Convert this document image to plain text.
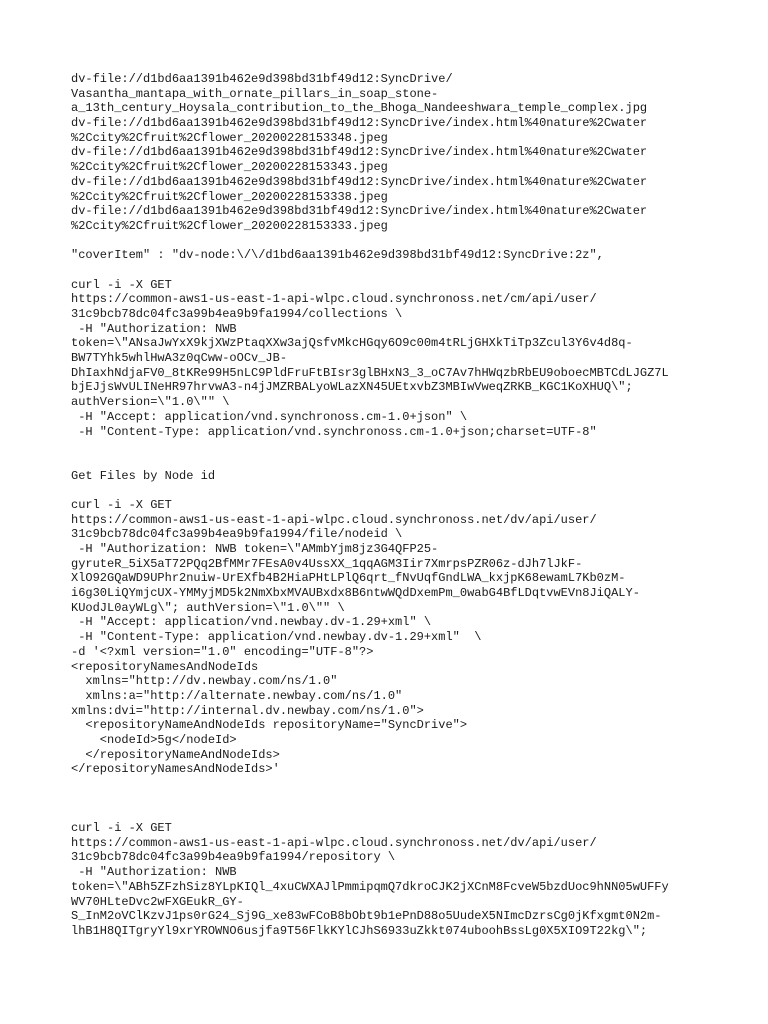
dv-file://d1bd6aa1391b462e9d398bd31bf49d12:SyncDrive/
Vasantha_mantapa_with_ornate_pillars_in_soap_stone-
a_13th_century_Hoysala_contribution_to_the_Bhoga_Nandeeshwara_temple_complex.jpg
dv-file://d1bd6aa1391b462e9d398bd31bf49d12:SyncDrive/index.html%40nature%2Cwater
%2Ccity%2Cfruit%2Cflower_20200228153348.jpeg
dv-file://d1bd6aa1391b462e9d398bd31bf49d12:SyncDrive/index.html%40nature%2Cwater
%2Ccity%2Cfruit%2Cflower_20200228153343.jpeg
dv-file://d1bd6aa1391b462e9d398bd31bf49d12:SyncDrive/index.html%40nature%2Cwater
%2Ccity%2Cfruit%2Cflower_20200228153338.jpeg
dv-file://d1bd6aa1391b462e9d398bd31bf49d12:SyncDrive/index.html%40nature%2Cwater
%2Ccity%2Cfruit%2Cflower_20200228153333.jpeg
"coverItem" : "dv-node:\/\/d1bd6aa1391b462e9d398bd31bf49d12:SyncDrive:2z",
curl -i -X GET
https://common-aws1-us-east-1-api-wlpc.cloud.synchronoss.net/cm/api/user/
31c9bcb78dc04fc3a99b4ea9b9fa1994/collections \
-H "Authorization: NWB
token=\"ANsaJwYxX9kjXWzPtaqXXw3ajQsfvMkcHGqy6O9c00m4tRLjGHXkTiTp3Zcul3Y6v4d8q-
BW7TYhk5whlHwA3z0qCww-oOCv_JB-
DhIaxhNdjaFV0_8tKRe99H5nLC9PldFruFtBIsr3glBHxN3_3_oC7Av7hHWqzbRbEU9oboecMBTCdLJGZ7L
bjEJjsWvULINeHR97hrvwA3-n4jJMZRBALyoWLazXN45UEtxvbZ3MBIwVweqZRKB_KGC1KoXHUQ\";
authVersion=\"1.0\"" \
-H "Accept: application/vnd.synchronoss.cm-1.0+json" \
-H "Content-Type: application/vnd.synchronoss.cm-1.0+json;charset=UTF-8"
Get Files by Node id
curl -i -X GET
https://common-aws1-us-east-1-api-wlpc.cloud.synchronoss.net/dv/api/user/
31c9bcb78dc04fc3a99b4ea9b9fa1994/file/nodeid \
-H "Authorization: NWB token=\"AMmbYjm8jz3G4QFP25-
gyruteR_5iX5aT72PQq2BfMMr7FEsA0v4UssXX_1qqAGM3Iir7XmrpsPZR06z-dJh7lJkF-
XlO92GQaWD9UPhr2nuiw-UrEXfb4B2HiaPHtLPlQ6qrt_fNvUqfGndLWA_kxjpK68ewamL7Kb0zM-
i6g30LiQYmjcUX-YMMyjMD5k2NmXbxMVAUBxdx8B6ntwWQdDxemPm_0wabG4BfLDqtvwEVn8JiQALY-
KUodJL0ayWLg\"; authVersion=\"1.0\"" \
-H "Accept: application/vnd.newbay.dv-1.29+xml" \
-H "Content-Type: application/vnd.newbay.dv-1.29+xml"  \
-d '<?xml version="1.0" encoding="UTF-8"?>
<repositoryNamesAndNodeIds
xmlns="http://dv.newbay.com/ns/1.0"
xmlns:a="http://alternate.newbay.com/ns/1.0"
xmlns:dvi="http://internal.dv.newbay.com/ns/1.0">
<repositoryNameAndNodeIds repositoryName="SyncDrive">
<nodeId>5g</nodeId>
</repositoryNameAndNodeIds>
</repositoryNamesAndNodeIds>'
curl -i -X GET
https://common-aws1-us-east-1-api-wlpc.cloud.synchronoss.net/dv/api/user/
31c9bcb78dc04fc3a99b4ea9b9fa1994/repository \
-H "Authorization: NWB
token=\"ABh5ZFzhSiz8YLpKIQl_4xuCWXAJlPmmipqmQ7dkroCJK2jXCnM8FcveW5bzdUoc9hNN05wUFFy
WV70HLteDvc2wFXGEukR_GY-
S_InM2oVClKzvJ1ps0rG24_Sj9G_xe83wFCoB8bObt9b1ePnD88o5UudeX5NImcDzrsCg0jKfxgmt0N2m-
lhB1H8QITgryYl9xrYROWNO6usjfa9T56FlkKYlCJhS6933uZkkt074uboohBssLg0X5XIO9T22kg\";
